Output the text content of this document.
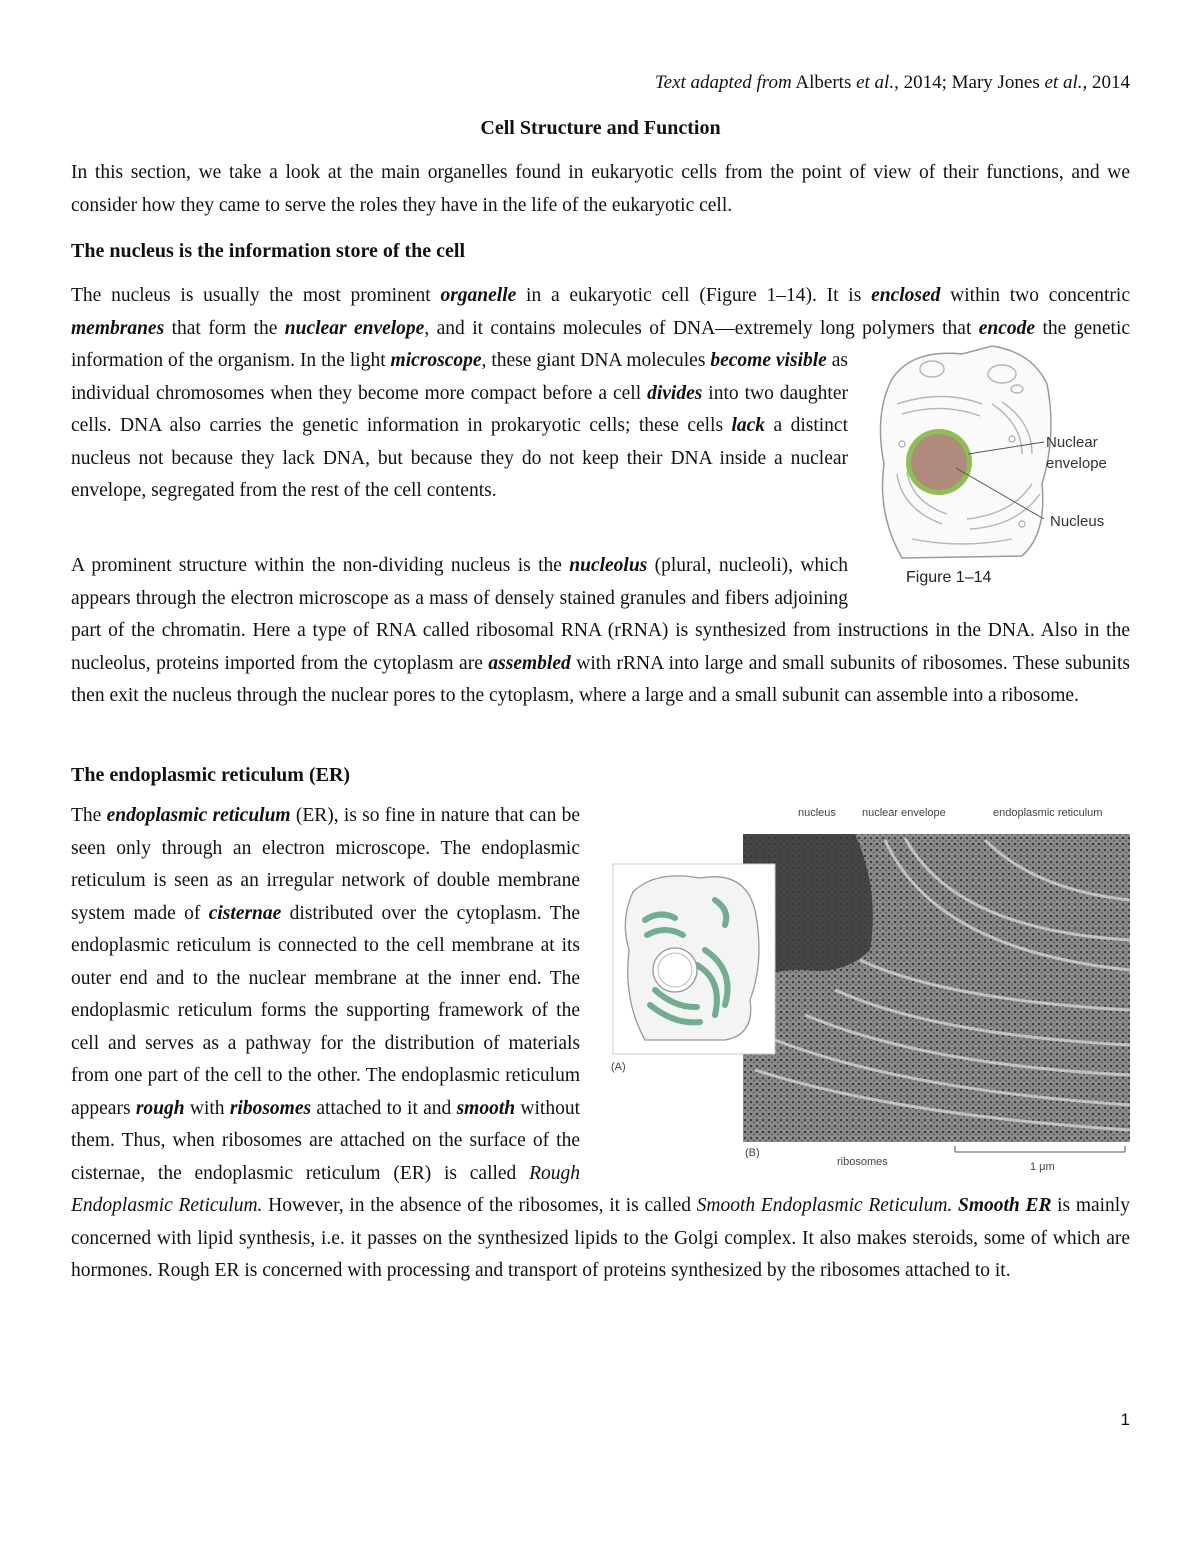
Text adapted from Alberts et al., 2014; Mary Jones et al., 2014
Cell Structure and Function

In this section, we take a look at the main organelles found in eukaryotic cells from the point of view of their functions, and we consider how they came to serve the roles they have in the life of the eukaryotic cell.

The nucleus is the information store of the cell

The nucleus is usually the most prominent organelle in a eukaryotic cell (Figure 1–14). It is enclosed within two concentric membranes that form the nuclear envelope, and it contains molecules of DNA—extremely long polymers that encode the genetic information of the organism. In the light microscope, these giant DNA molecules become visible as individual chromosomes when they become more compact before a cell divides into two daughter cells. DNA also carries the genetic information in prokaryotic cells; these cells lack a distinct nucleus not because they lack DNA, but because they do not keep their DNA inside a nuclear envelope, segregated from the rest of the cell contents.

A prominent structure within the non-dividing nucleus is the nucleolus (plural, nucleoli), which appears through the electron microscope as a mass of densely stained granules and fibers adjoining part of the chromatin. Here a type of RNA called ribosomal RNA (rRNA) is synthesized from instructions in the DNA. Also in the nucleolus, proteins imported from the cytoplasm are assembled with rRNA into large and small subunits of ribosomes. These subunits then exit the nucleus through the nuclear pores to the cytoplasm, where a large and a small subunit can assemble into a ribosome.

The endoplasmic reticulum (ER)

The endoplasmic reticulum (ER), is so fine in nature that can be seen only through an electron microscope. The endoplasmic reticulum is seen as an irregular network of double membrane system made of cisternae distributed over the cytoplasm. The endoplasmic reticulum is connected to the cell membrane at its outer end and to the nuclear membrane at the inner end. The endoplasmic reticulum forms the supporting framework of the cell and serves as a pathway for the distribution of materials from one part of the cell to the other. The endoplasmic reticulum appears rough with ribosomes attached to it and smooth without them. Thus, when ribosomes are attached on the surface of the cisternae, the endoplasmic reticulum (ER) is called Rough Endoplasmic Reticulum. However, in the absence of the ribosomes, it is called Smooth Endoplasmic Reticulum. Smooth ER is mainly concerned with lipid synthesis, i.e. it passes on the synthesized lipids to the Golgi complex. It also makes steroids, some of which are hormones. Rough ER is concerned with processing and transport of proteins synthesized by the ribosomes attached to it.

Nuclear
envelope
Nucleus
Figure 1–14
nucleus nuclear envelope	endoplasmic reticulum
(A)
(B)
ribosomes	1 μm
1
